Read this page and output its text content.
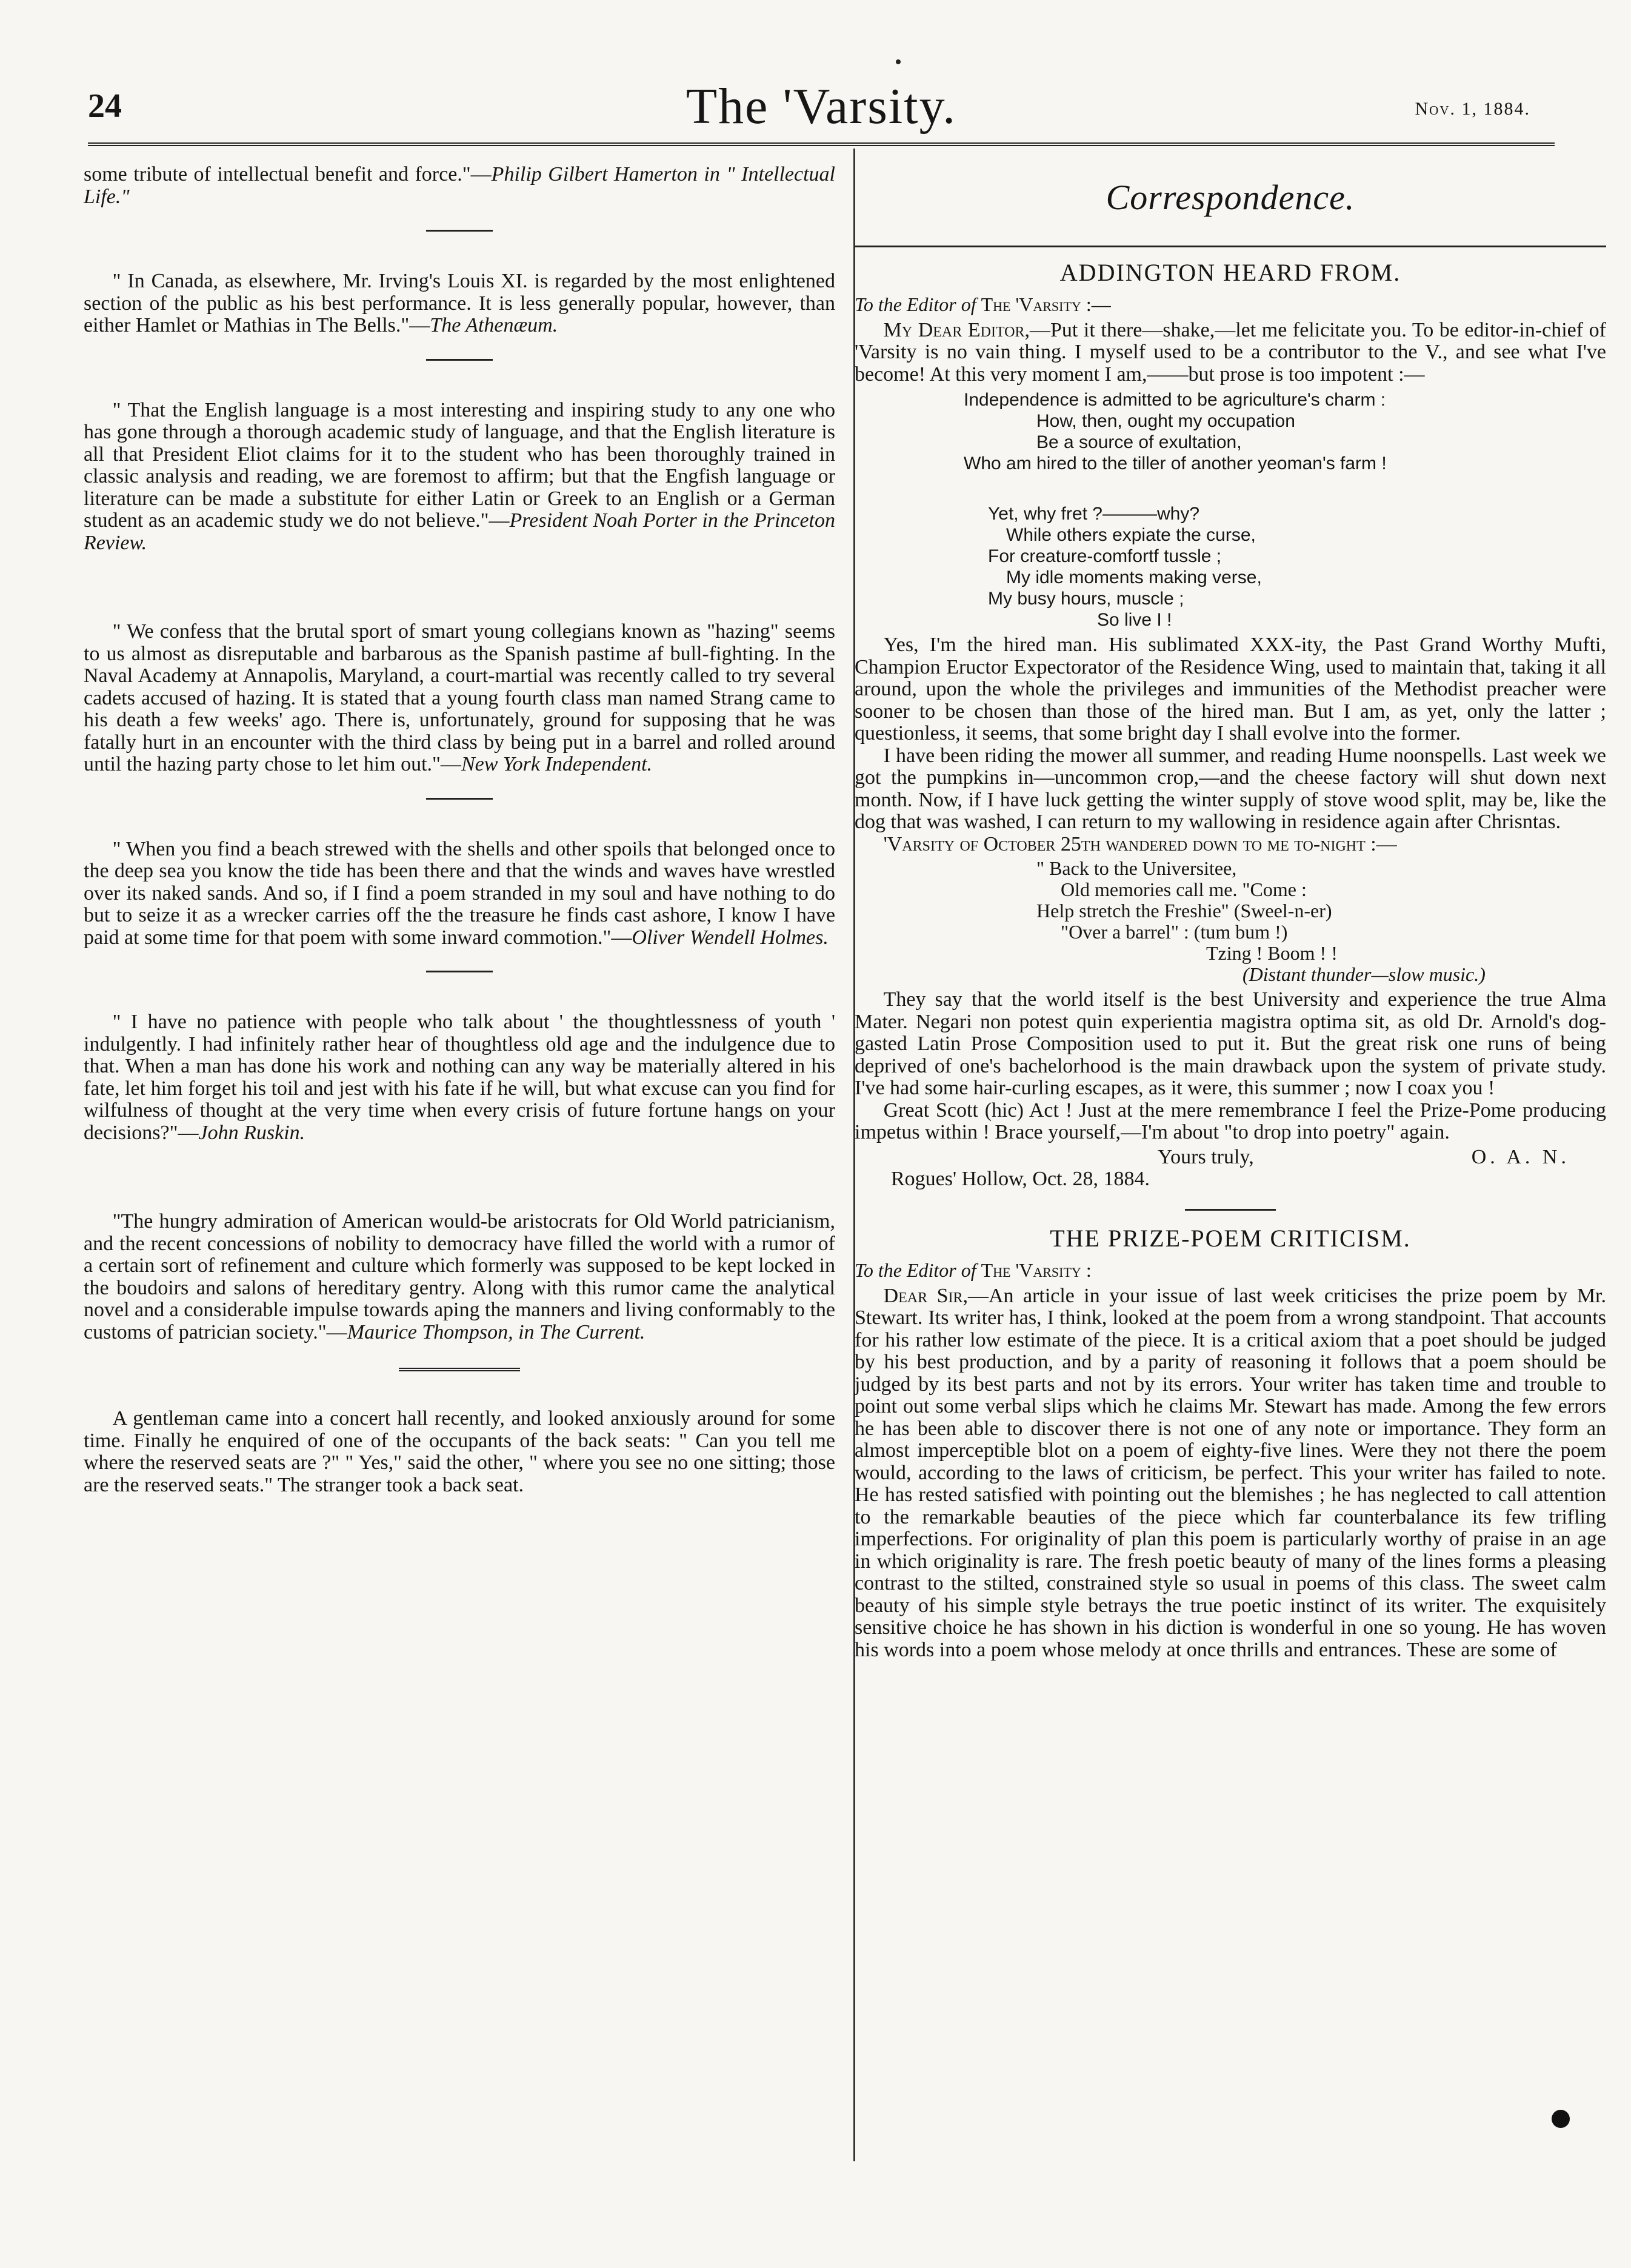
24	The 'Varsity.	Nov. 1, 1884.

some tribute of intellectual benefit and force."—Philip Gilbert Hamerton in " Intellectual Life."

" In Canada, as elsewhere, Mr. Irving's Louis XI. is regarded by the most enlightened section of the public as his best performance. It is less generally popular, however, than either Hamlet or Mathias in The Bells."—The Athenæum.

" That the English language is a most interesting and inspiring study to any one who has gone through a thorough academic study of language, and that the English literature is all that President Eliot claims for it to the student who has been thoroughly trained in classic analysis and reading, we are foremost to affirm; but that the Engfish language or literature can be made a substitute for either Latin or Greek to an English or a German student as an academic study we do not believe."—President Noah Porter in the Princeton Review.

" We confess that the brutal sport of smart young collegians known as "hazing" seems to us almost as disreputable and barbarous as the Spanish pastime af bull-fighting. In the Naval Academy at Annapolis, Maryland, a court-martial was recently called to try several cadets accused of hazing. It is stated that a young fourth class man named Strang came to his death a few weeks' ago. There is, unfortunately, ground for supposing that he was fatally hurt in an encounter with the third class by being put in a barrel and rolled around until the hazing party chose to let him out."—New York Independent.

" When you find a beach strewed with the shells and other spoils that belonged once to the deep sea you know the tide has been there and that the winds and waves have wrestled over its naked sands. And so, if I find a poem stranded in my soul and have nothing to do but to seize it as a wrecker carries off the the treasure he finds cast ashore, I know I have paid at some time for that poem with some inward commotion."—Oliver Wendell Holmes.

" I have no patience with people who talk about ' the thoughtlessness of youth ' indulgently. I had infinitely rather hear of thoughtless old age and the indulgence due to that. When a man has done his work and nothing can any way be materially altered in his fate, let him forget his toil and jest with his fate if he will, but what excuse can you find for wilfulness of thought at the very time when every crisis of future fortune hangs on your decisions?"—John Ruskin.

"The hungry admiration of American would-be aristocrats for Old World patricianism, and the recent concessions of nobility to democracy have filled the world with a rumor of a certain sort of refinement and culture which formerly was supposed to be kept locked in the boudoirs and salons of hereditary gentry. Along with this rumor came the analytical novel and a considerable impulse towards aping the manners and living conformably to the customs of patrician society."—Maurice Thompson, in The Current.

A gentleman came into a concert hall recently, and looked anxiously around for some time. Finally he enquired of one of the occupants of the back seats: " Can you tell me where the reserved seats are ?" " Yes," said the other, " where you see no one sitting; those are the reserved seats." The stranger took a back seat.

Correspondence.
ADDINGTON HEARD FROM.
To the Editor of The 'Varsity :—

My Dear Editor,—Put it there—shake,—let me felicitate you. To be editor-in-chief of 'Varsity is no vain thing. I myself used to be a contributor to the V., and see what I've become! At this very moment I am,——but prose is too impotent :—

Independence is admitted to be agriculture's charm :
How, then, ought my occupation
Be a source of exultation,
Who am hired to the tiller of another yeoman's farm !
Yet, why fret ?———why?
While others expiate the curse,
For creature-comfortf tussle ;
My idle moments making verse,
My busy hours, muscle ;
So live I !

Yes, I'm the hired man. His sublimated XXX-ity, the Past Grand Worthy Mufti, Champion Eructor Expectorator of the Residence Wing, used to maintain that, taking it all around, upon the whole the privileges and immunities of the Methodist preacher were sooner to be chosen than those of the hired man. But I am, as yet, only the latter ; questionless, it seems, that some bright day I shall evolve into the former.

I have been riding the mower all summer, and reading Hume noonspells. Last week we got the pumpkins in—uncommon crop,—and the cheese factory will shut down next month. Now, if I have luck getting the winter supply of stove wood split, may be, like the dog that was washed, I can return to my wallowing in residence again after Chrisntas.

'Varsity of October 25th wandered down to me to-night :—

" Back to the Universitee,
Old memories call me. "Come :
Help stretch the Freshie" (Sweel-n-er)
"Over a barrel" : (tum bum !)
Tzing ! Boom ! !
(Distant thunder—slow music.)

They say that the world itself is the best University and experience the true Alma Mater. Negari non potest quin experientia magistra optima sit, as old Dr. Arnold's dog-gasted Latin Prose Composition used to put it. But the great risk one runs of being deprived of one's bachelorhood is the main drawback upon the system of private study. I've had some hair-curling escapes, as it were, this summer ; now I coax you !

Great Scott (hic) Act ! Just at the mere remembrance I feel the Prize-Pome producing impetus within ! Brace yourself,—I'm about "to drop into poetry" again.

Yours truly,	O. A. N.
Rogues' Hollow, Oct. 28, 1884.
THE PRIZE-POEM CRITICISM.
To the Editor of The 'Varsity :

Dear Sir,—An article in your issue of last week criticises the prize poem by Mr. Stewart. Its writer has, I think, looked at the poem from a wrong standpoint. That accounts for his rather low estimate of the piece. It is a critical axiom that a poet should be judged by his best production, and by a parity of reasoning it follows that a poem should be judged by its best parts and not by its errors. Your writer has taken time and trouble to point out some verbal slips which he claims Mr. Stewart has made. Among the few errors he has been able to discover there is not one of any note or importance. They form an almost imperceptible blot on a poem of eighty-five lines. Were they not there the poem would, according to the laws of criticism, be perfect. This your writer has failed to note. He has rested satisfied with pointing out the blemishes ; he has neglected to call attention to the remarkable beauties of the piece which far counterbalance its few trifling imperfections. For originality of plan this poem is particularly worthy of praise in an age in which originality is rare. The fresh poetic beauty of many of the lines forms a pleasing contrast to the stilted, constrained style so usual in poems of this class. The sweet calm beauty of his simple style betrays the true poetic instinct of its writer. The exquisitely sensitive choice he has shown in his diction is wonderful in one so young. He has woven his words into a poem whose melody at once thrills and entrances. These are some of
